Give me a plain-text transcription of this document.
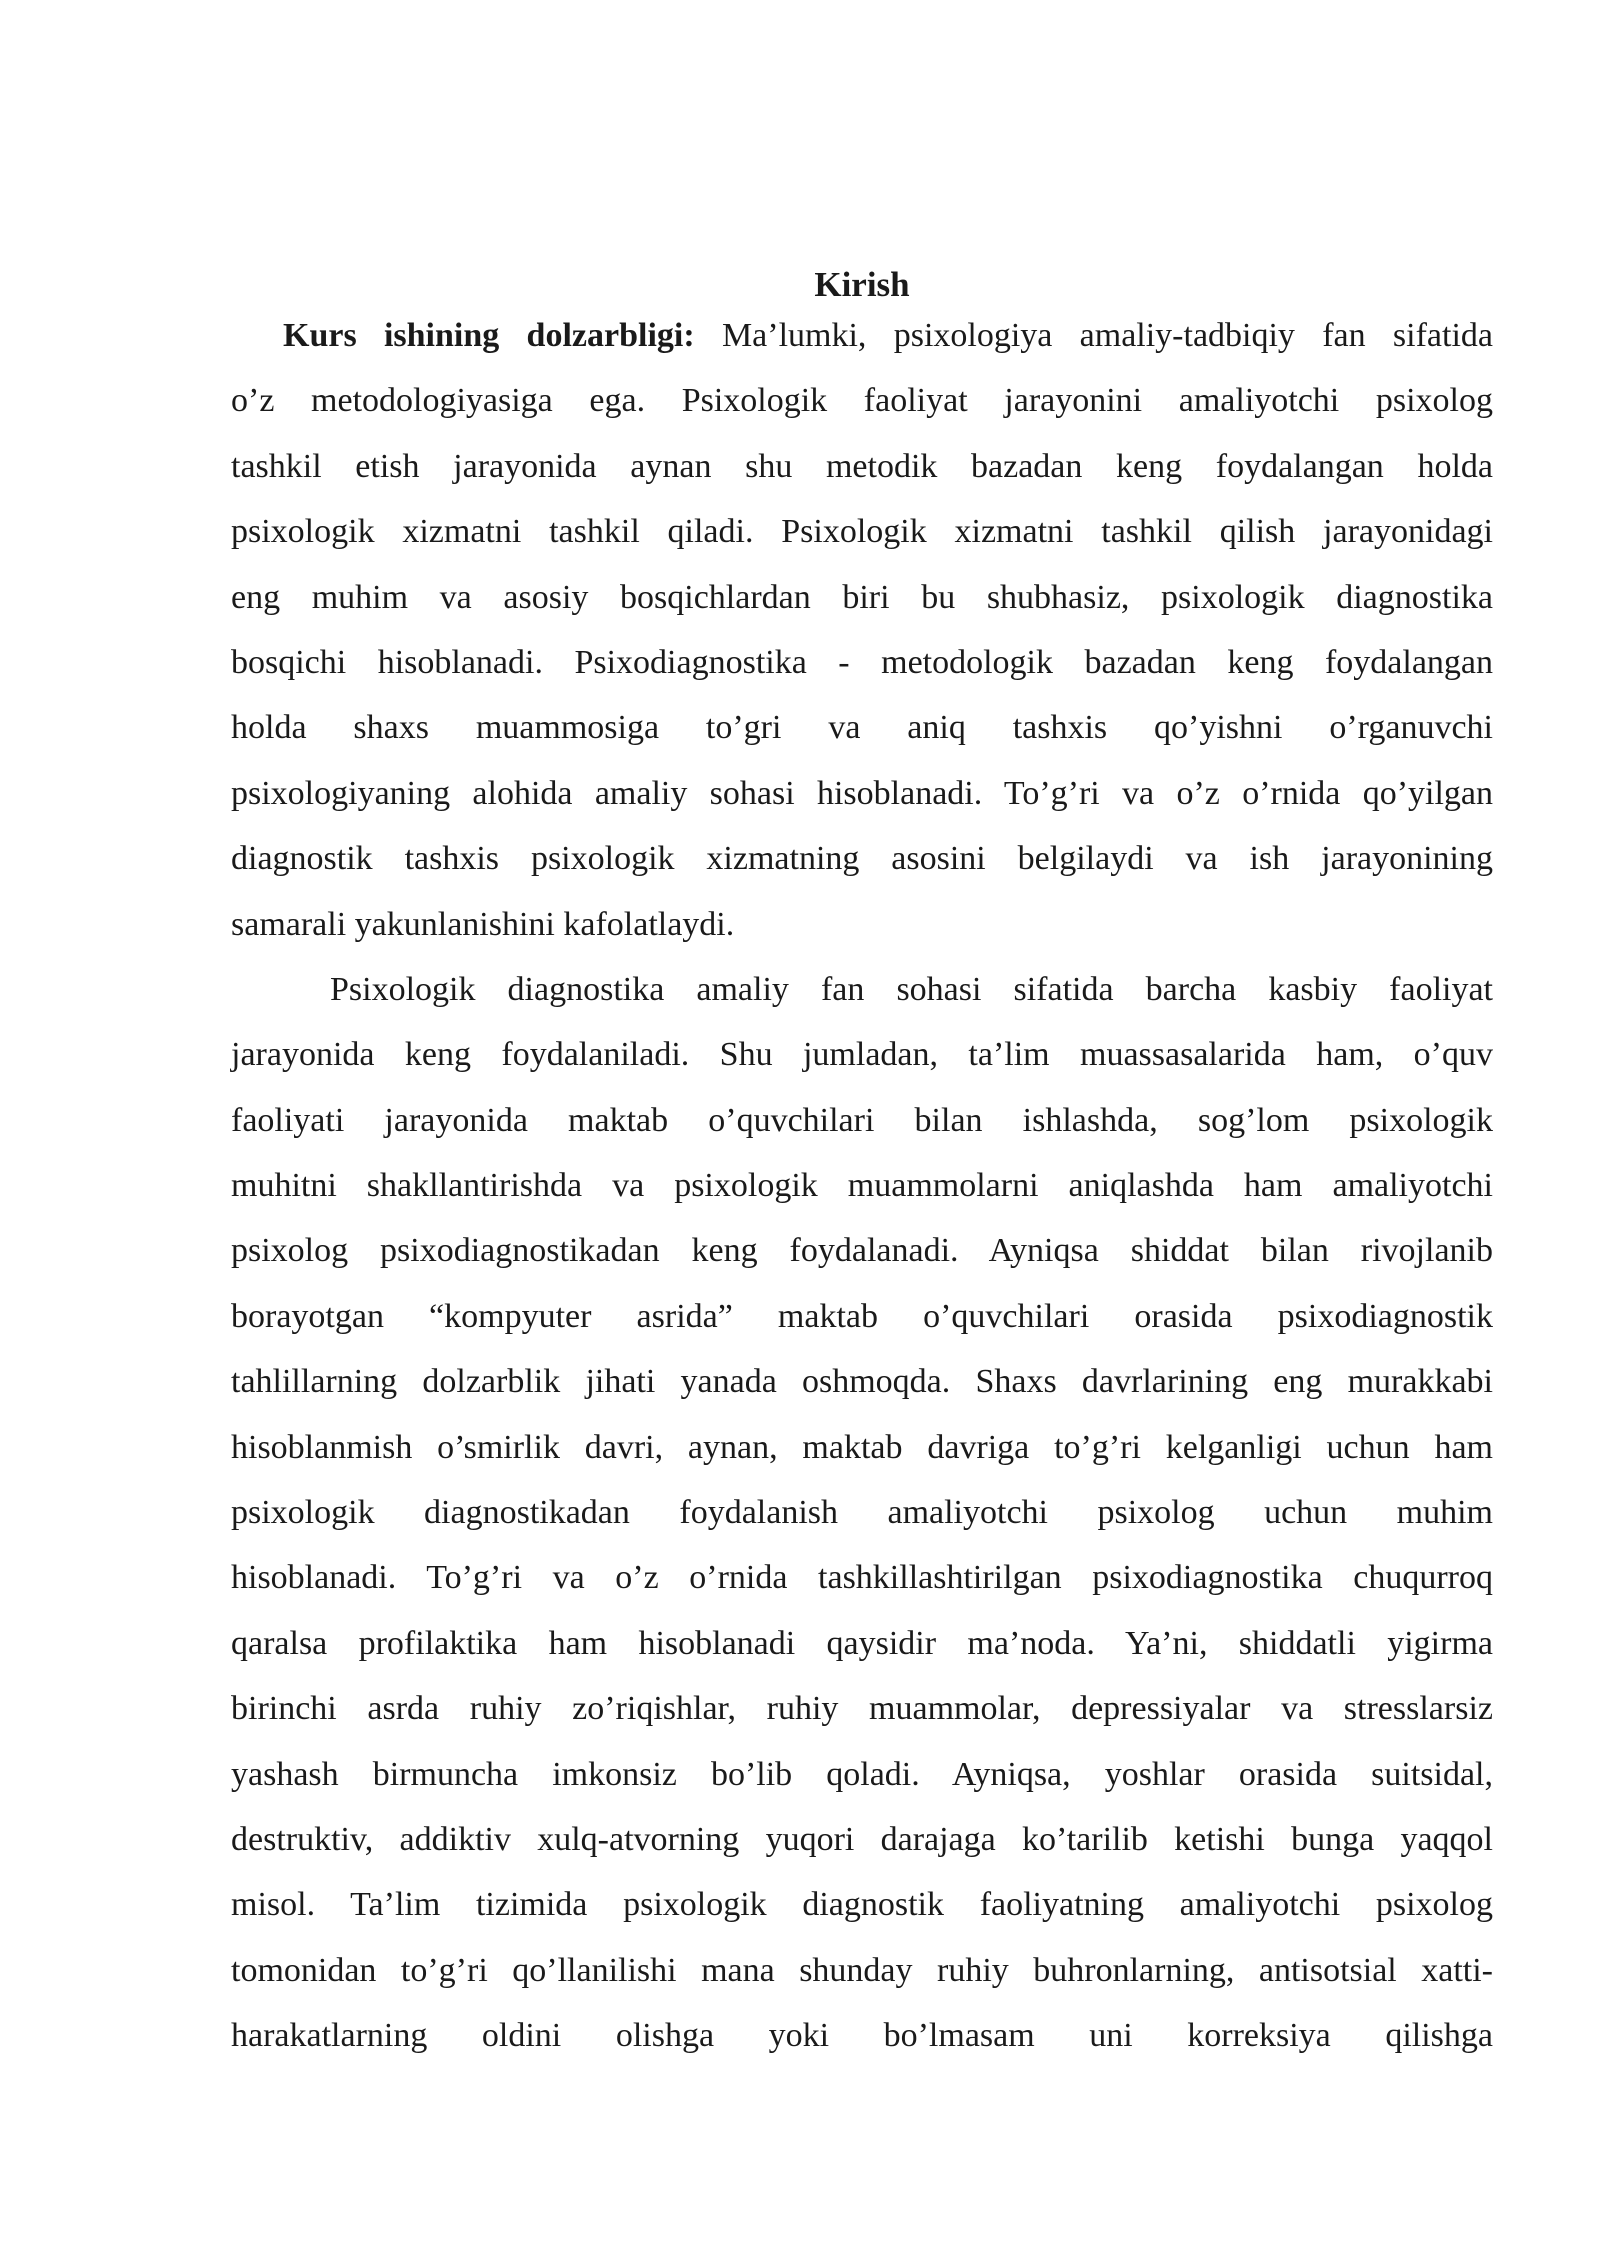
Kirish
Kurs ishining dolzarbligi: Ma’lumki, psixologiya amaliy-tadbiqiy fan sifatida
o’z metodologiyasiga ega. Psixologik faoliyat jarayonini amaliyotchi psixolog
tashkil etish jarayonida aynan shu metodik bazadan keng foydalangan holda
psixologik xizmatni tashkil qiladi. Psixologik xizmatni tashkil qilish jarayonidagi
eng muhim va asosiy bosqichlardan biri bu shubhasiz, psixologik diagnostika
bosqichi hisoblanadi. Psixodiagnostika - metodologik bazadan keng foydalangan
holda shaxs muammosiga to’gri va aniq tashxis qo’yishni o’rganuvchi
psixologiyaning alohida amaliy sohasi hisoblanadi. To’g’ri va o’z o’rnida qo’yilgan
diagnostik tashxis psixologik xizmatning asosini belgilaydi va ish jarayonining
samarali yakunlanishini kafolatlaydi.
Psixologik diagnostika amaliy fan sohasi sifatida barcha kasbiy faoliyat
jarayonida keng foydalaniladi. Shu jumladan, ta’lim muassasalarida ham, o’quv
faoliyati jarayonida maktab o’quvchilari bilan ishlashda, sog’lom psixologik
muhitni shakllantirishda va psixologik muammolarni aniqlashda ham amaliyotchi
psixolog psixodiagnostikadan keng foydalanadi. Ayniqsa shiddat bilan rivojlanib
borayotgan “kompyuter asrida” maktab o’quvchilari orasida psixodiagnostik
tahlillarning dolzarblik jihati yanada oshmoqda. Shaxs davrlarining eng murakkabi
hisoblanmish o’smirlik davri, aynan, maktab davriga to’g’ri kelganligi uchun ham
psixologik diagnostikadan foydalanish amaliyotchi psixolog uchun muhim
hisoblanadi. To’g’ri va o’z o’rnida tashkillashtirilgan psixodiagnostika chuqurroq
qaralsa profilaktika ham hisoblanadi qaysidir ma’noda. Ya’ni, shiddatli yigirma
birinchi asrda ruhiy zo’riqishlar, ruhiy muammolar, depressiyalar va stresslarsiz
yashash birmuncha imkonsiz bo’lib qoladi. Ayniqsa, yoshlar orasida suitsidal,
destruktiv, addiktiv xulq-atvorning yuqori darajaga ko’tarilib ketishi bunga yaqqol
misol. Ta’lim tizimida psixologik diagnostik faoliyatning amaliyotchi psixolog
tomonidan to’g’ri qo’llanilishi mana shunday ruhiy buhronlarning, antisotsial xatti-
harakatlarning oldini olishga yoki bo’lmasam uni korreksiya qilishga
